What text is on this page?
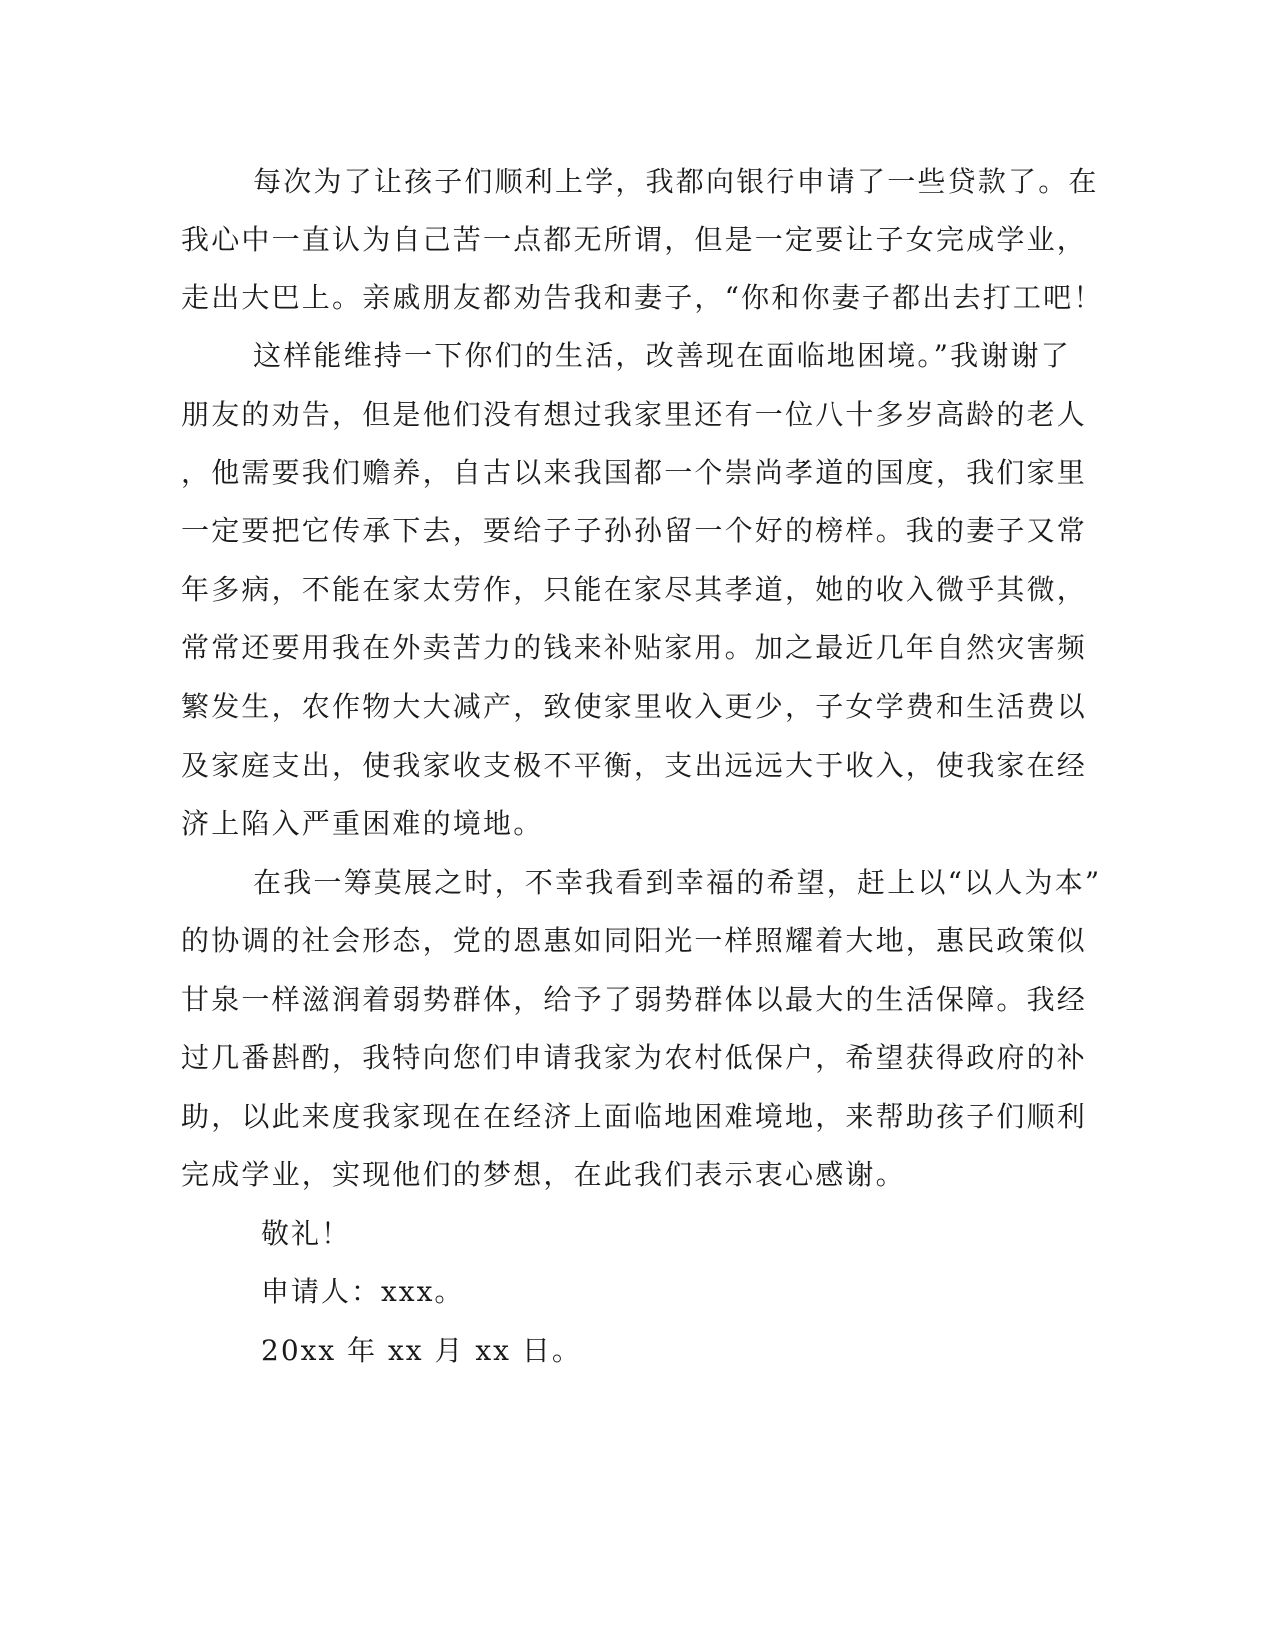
每次为了让孩子们顺利上学，我都向银行申请了一些贷款了。在
我心中一直认为自己苦一点都无所谓，但是一定要让子女完成学业，
走出大巴上。亲戚朋友都劝告我和妻子，“你和你妻子都出去打工吧！
这样能维持一下你们的生活，改善现在面临地困境。”我谢谢了
朋友的劝告，但是他们没有想过我家里还有一位八十多岁高龄的老人
，他需要我们赡养，自古以来我国都一个崇尚孝道的国度，我们家里
一定要把它传承下去，要给子子孙孙留一个好的榜样。我的妻子又常
年多病，不能在家太劳作，只能在家尽其孝道，她的收入微乎其微，
常常还要用我在外卖苦力的钱来补贴家用。加之最近几年自然灾害频
繁发生，农作物大大减产，致使家里收入更少，子女学费和生活费以
及家庭支出，使我家收支极不平衡，支出远远大于收入，使我家在经
济上陷入严重困难的境地。
在我一筹莫展之时，不幸我看到幸福的希望，赶上以“以人为本”
的协调的社会形态，党的恩惠如同阳光一样照耀着大地，惠民政策似
甘泉一样滋润着弱势群体，给予了弱势群体以最大的生活保障。我经
过几番斟酌，我特向您们申请我家为农村低保户，希望获得政府的补
助，以此来度我家现在在经济上面临地困难境地，来帮助孩子们顺利
完成学业，实现他们的梦想，在此我们表示衷心感谢。
敬礼！
申请人：xxx。
20xx 年 xx 月 xx 日。
